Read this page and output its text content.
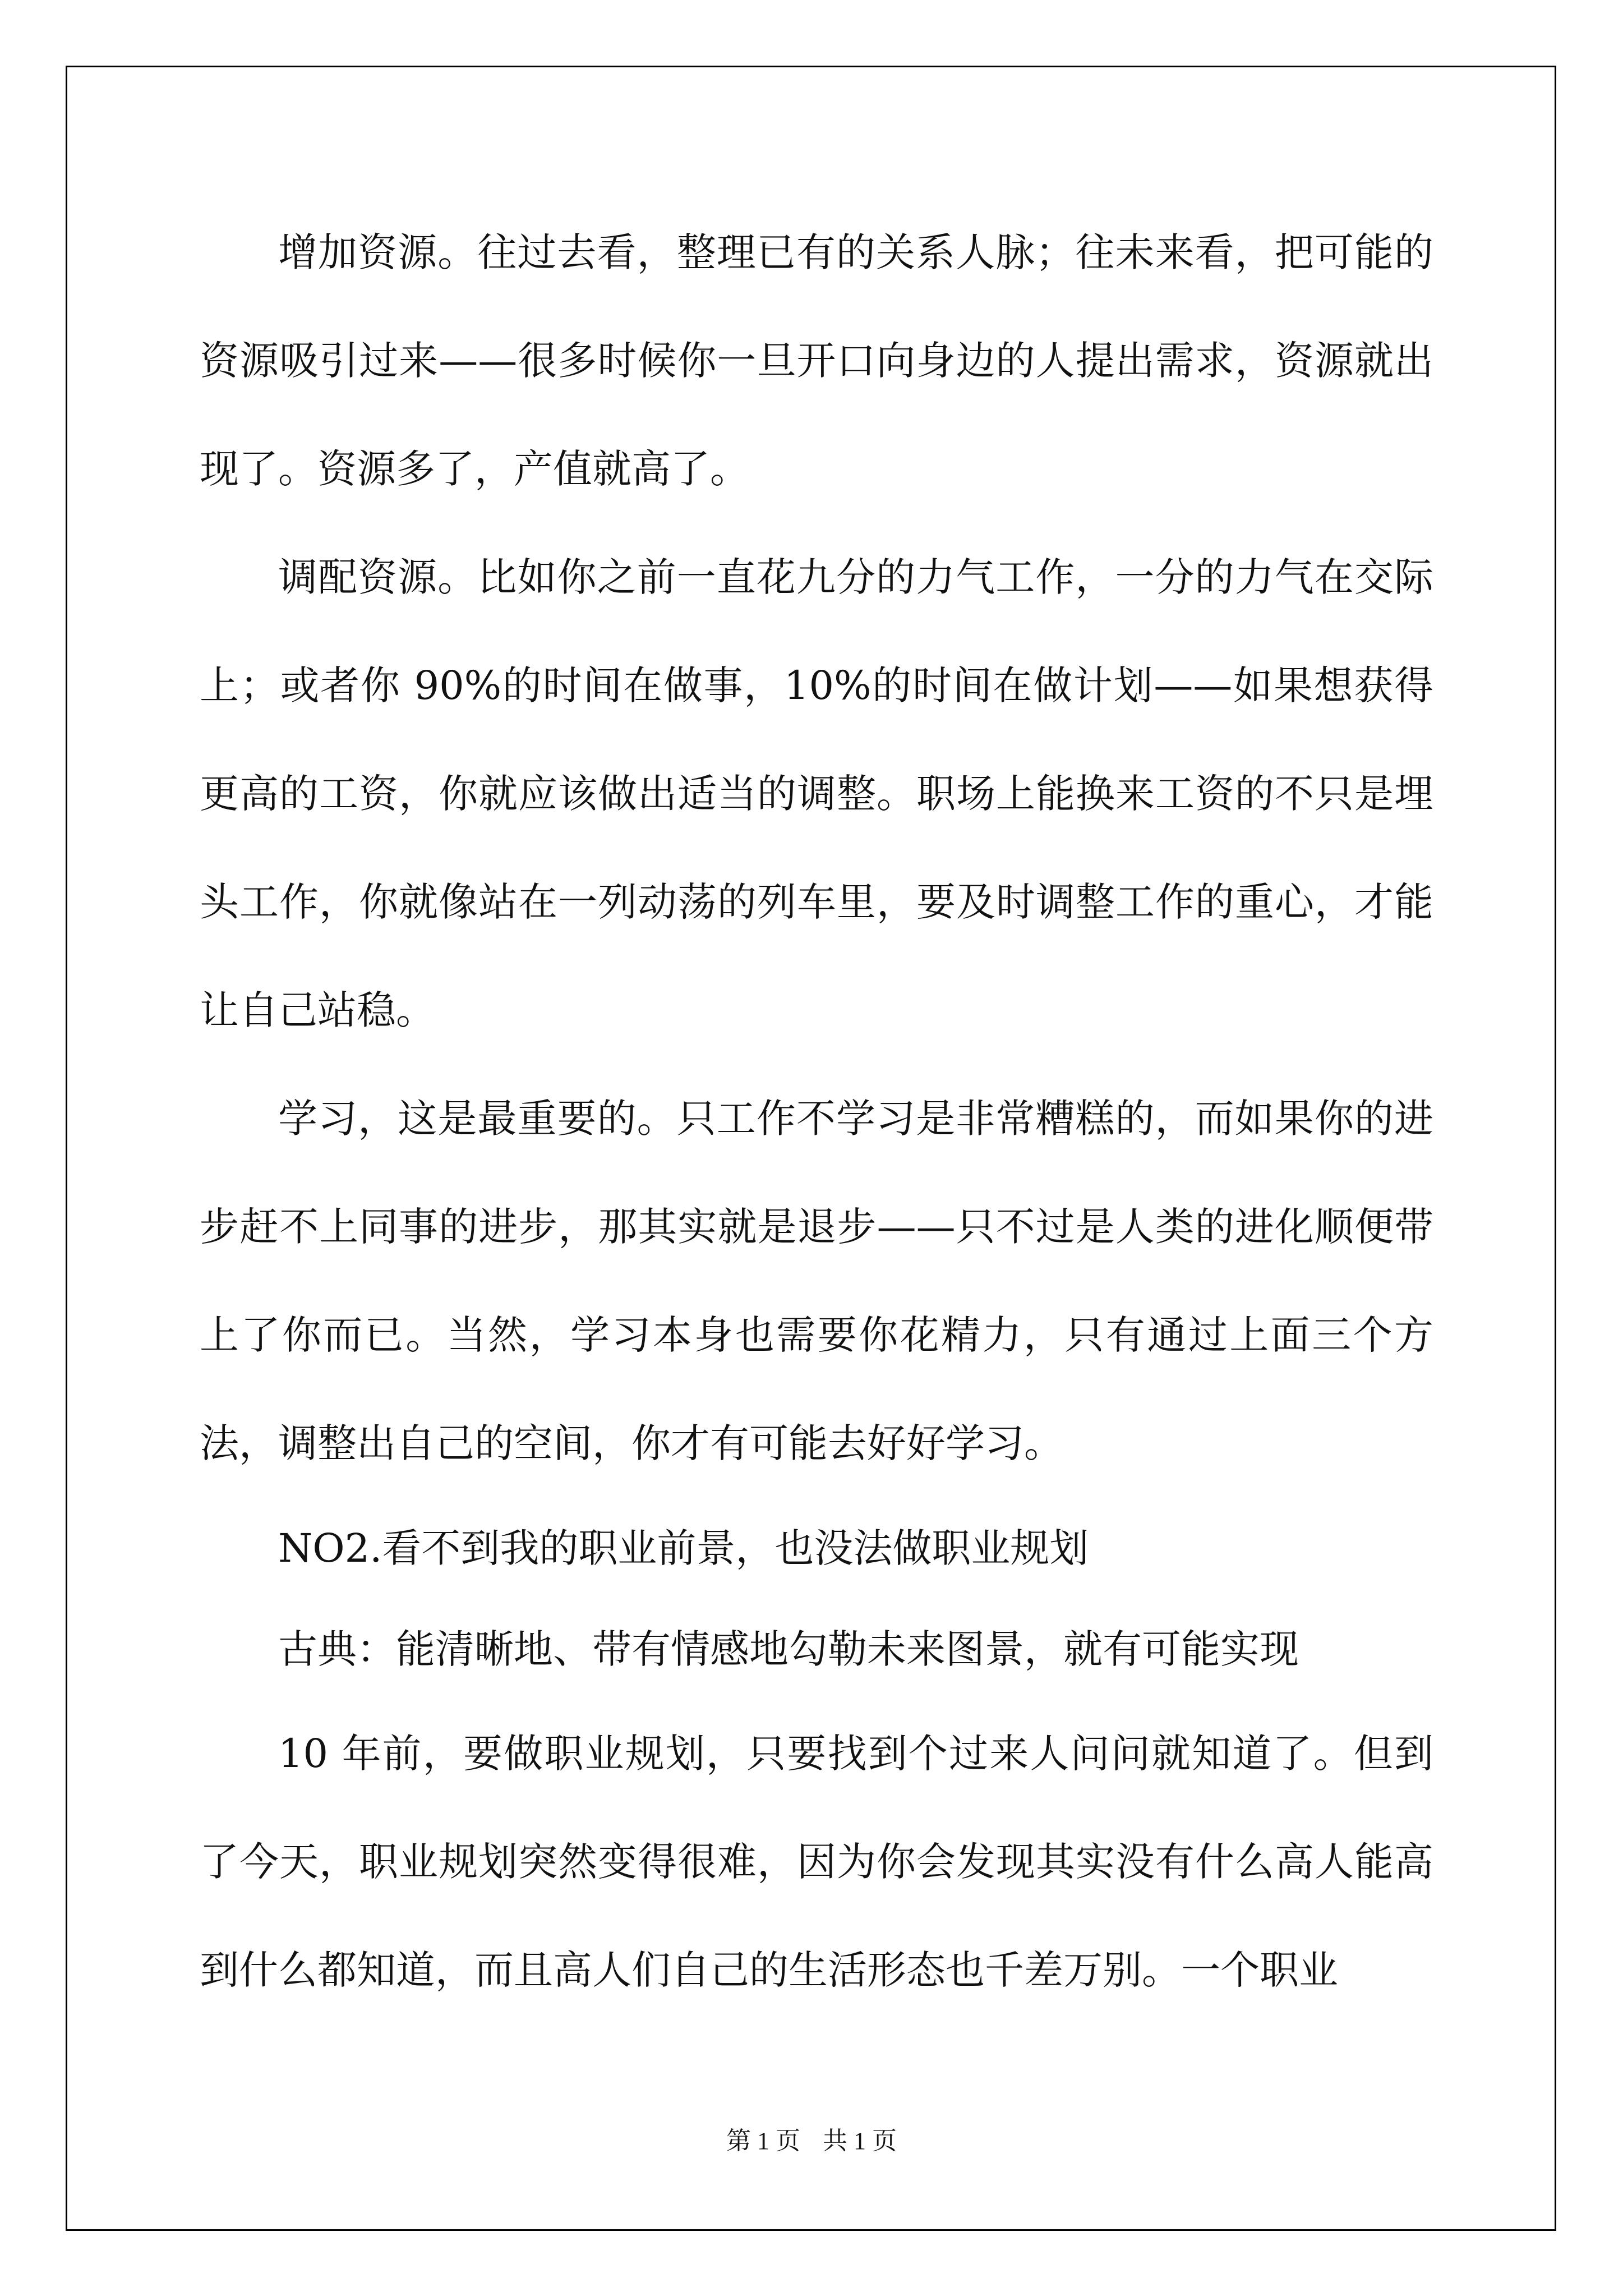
增加资源。往过去看，整理已有的关系人脉；往未来看，把可能的资源吸引过来——很多时候你一旦开口向身边的人提出需求，资源就出现了。资源多了，产值就高了。

调配资源。比如你之前一直花九分的力气工作，一分的力气在交际上；或者你 90%的时间在做事，10%的时间在做计划——如果想获得更高的工资，你就应该做出适当的调整。职场上能换来工资的不只是埋头工作，你就像站在一列动荡的列车里，要及时调整工作的重心，才能让自己站稳。

学习，这是最重要的。只工作不学习是非常糟糕的，而如果你的进步赶不上同事的进步，那其实就是退步——只不过是人类的进化顺便带上了你而已。当然，学习本身也需要你花精力，只有通过上面三个方法，调整出自己的空间，你才有可能去好好学习。

NO2.看不到我的职业前景，也没法做职业规划

古典：能清晰地、带有情感地勾勒未来图景，就有可能实现

10 年前，要做职业规划，只要找到个过来人问问就知道了。但到了今天，职业规划突然变得很难，因为你会发现其实没有什么高人能高到什么都知道，而且高人们自己的生活形态也千差万别。一个职业

第 1 页 共 1 页
